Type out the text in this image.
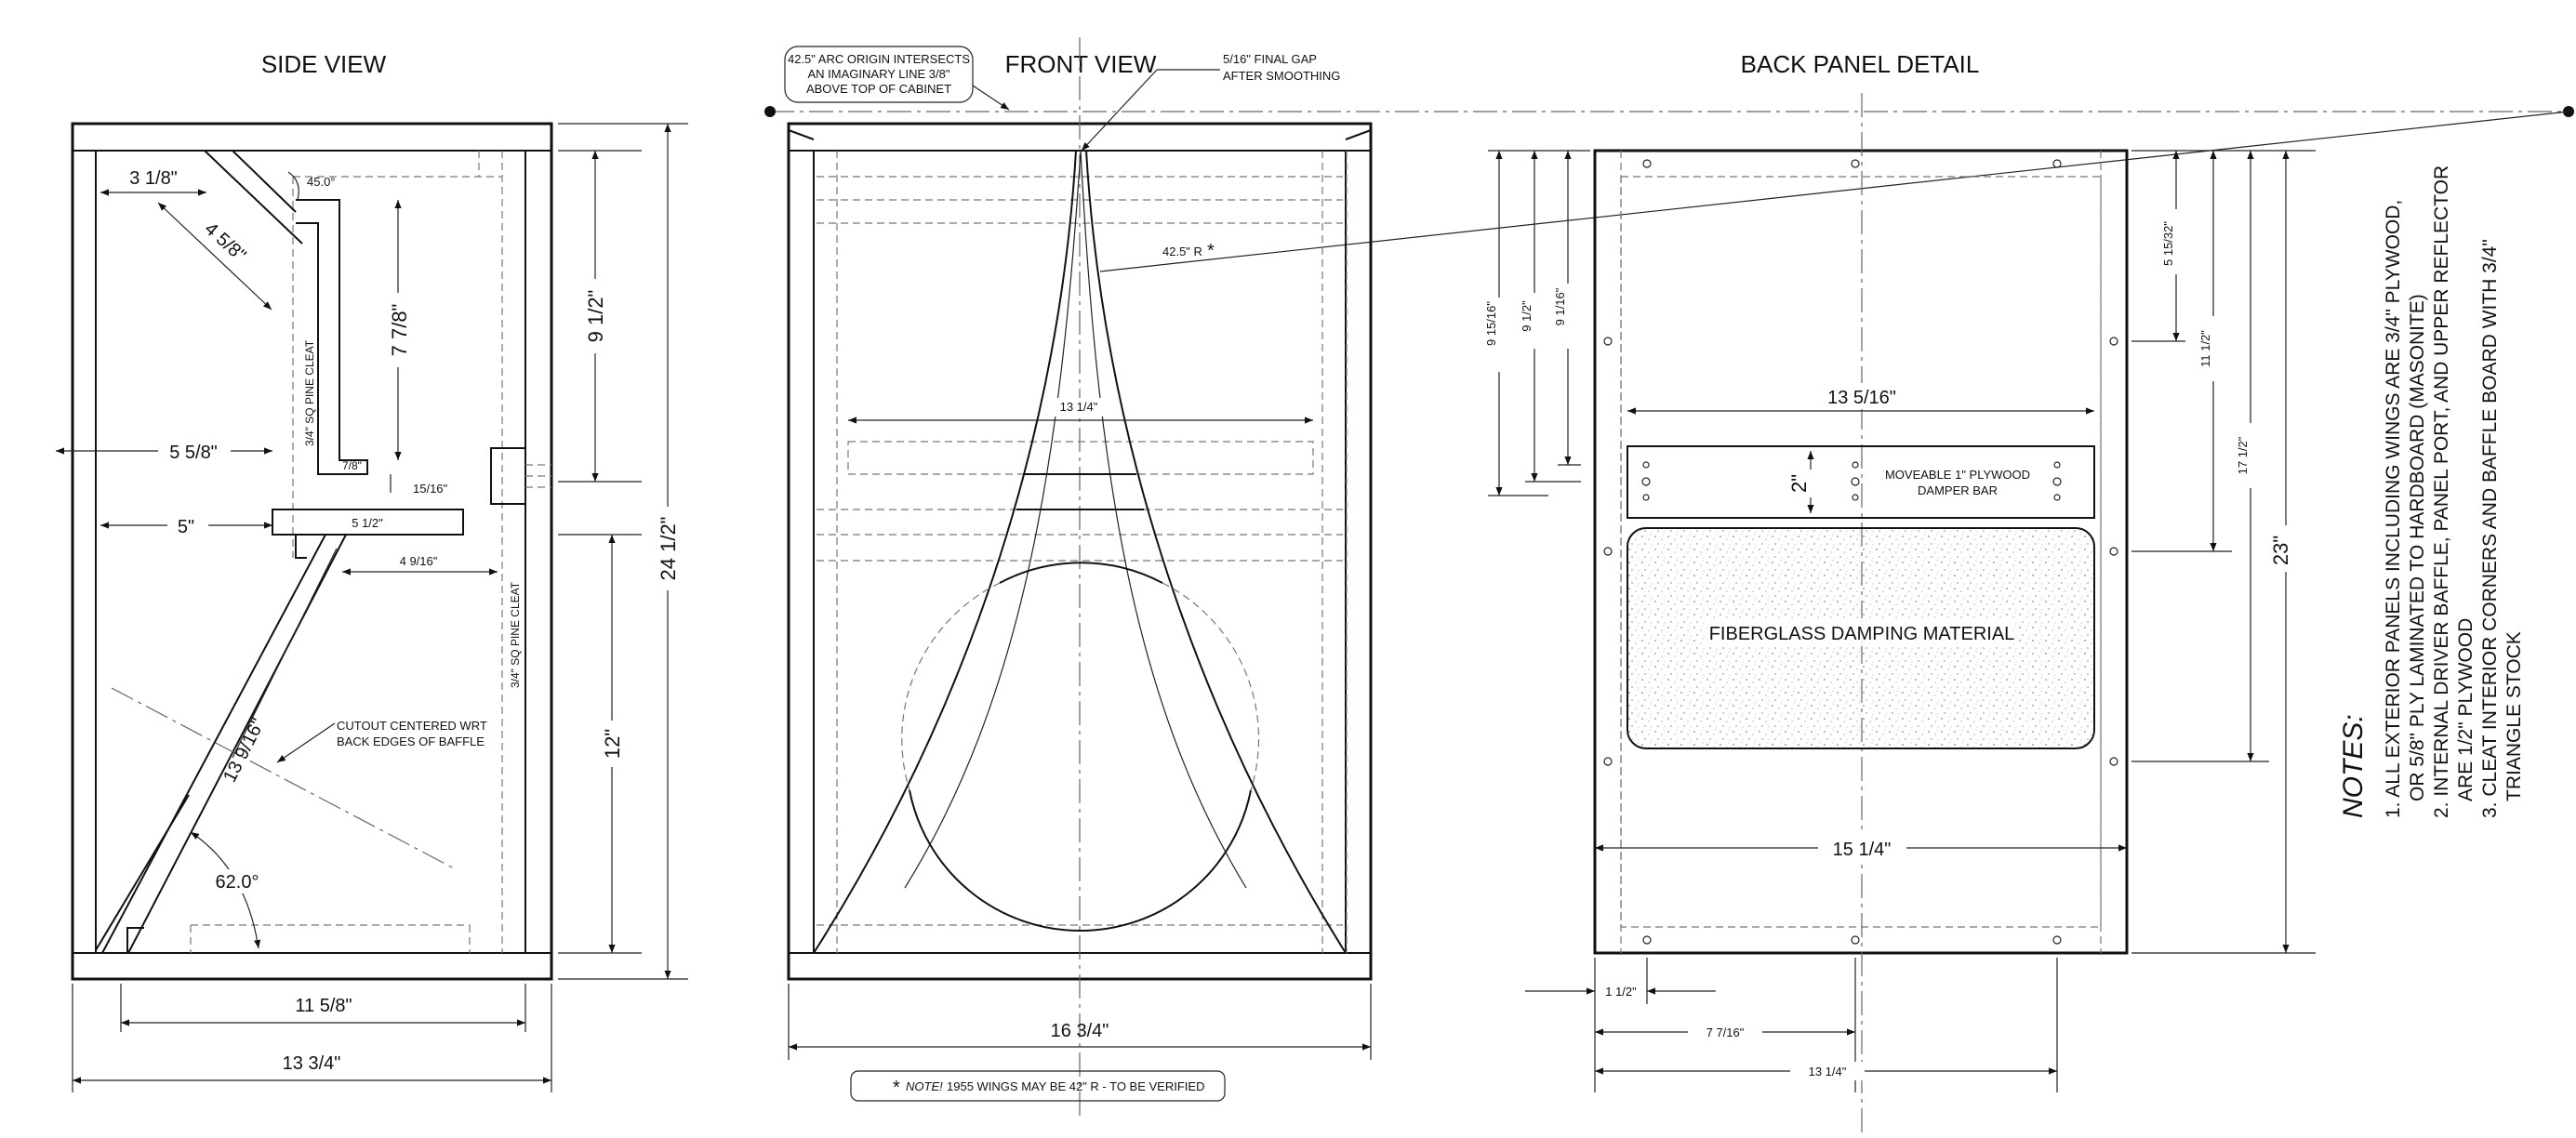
SIDE VIEW	FRONT VIEW	BACK PANEL DETAIL
3 1/8"
4 5/8"
45.0°
7 7/8"
5 5/8"
7/8"
15/16"
5"	5 1/2"
4 9/16"
3/4" SQ PINE CLEAT
3/4" SQ PINE CLEAT
9 1/2"
12"
24 1/2"
13 9/16"	CUTOUT CENTERED WRT
BACK EDGES OF BAFFLE
62.0°
11 5/8"
13 3/4"
13 1/4"
42.5" R *
5/16" FINAL GAP
AFTER SMOOTHING
42.5" ARC ORIGIN INTERSECTS
AN IMAGINARY LINE 3/8"
ABOVE TOP OF CABINET
16 3/4"
* NOTE! 1955 WINGS MAY BE 42" R - TO BE VERIFIED
2"	MOVEABLE 1" PLYWOOD
DAMPER BAR
FIBERGLASS DAMPING MATERIAL
13 5/16"
15 1/4"
9 15/16" 9 1/2" 9 1/16"
5 15/32"
11 1/2"
17 1/2"
23"
1 1/2"
7 7/16"
13 1/4"
NOTES: 1. ALL EXTERIOR PANELS INCLUDING WINGS ARE 3/4" PLYWOOD, OR 5/8" PLY LAMINATED TO HARDBOARD (MASONITE) 2. INTERNAL DRIVER BAFFLE, PANEL PORT, AND UPPER REFLECTOR ARE 1/2" PLYWOOD 3. CLEAT INTERIOR CORNERS AND BAFFLE BOARD WITH 3/4" TRIANGLE STOCK
